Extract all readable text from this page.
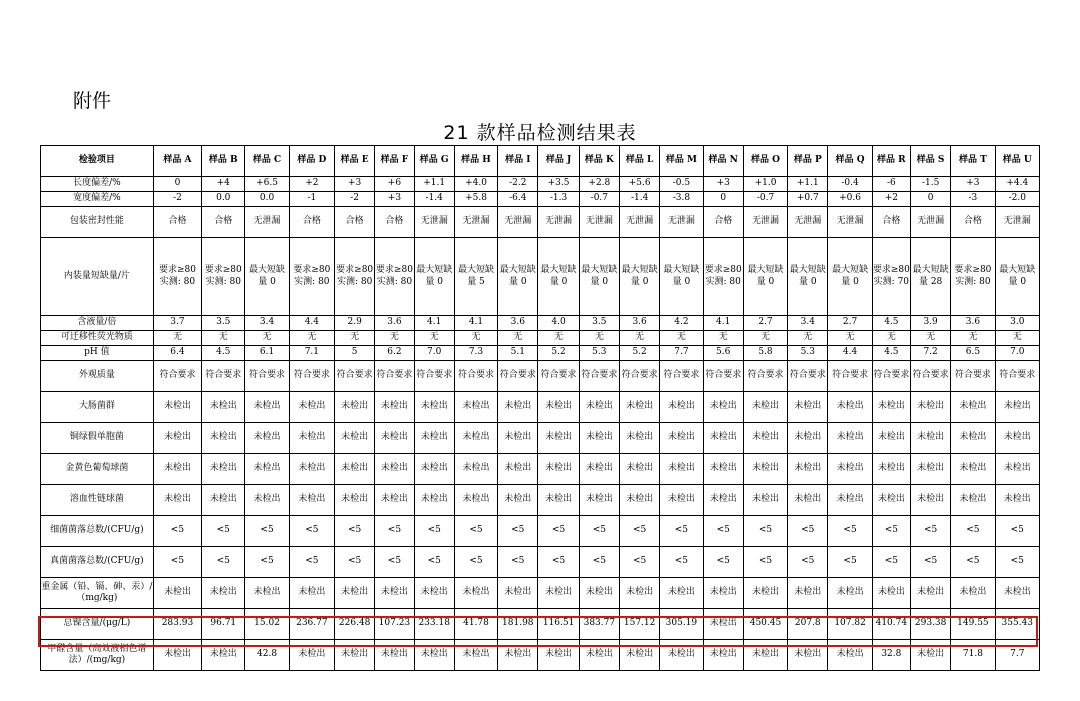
附件
21 款样品检测结果表
检验项目	样品 A	样品 B	样品 C	样品 D	样品 E	样品 F	样品 G	样品 H	样品 I	样品 J	样品 K	样品 L	样品 M	样品 N	样品 O	样品 P	样品 Q	样品 R	样品 S	样品 T	样品 U
长度偏差/%	0	+4	+6.5	+2	+3	+6	+1.1	+4.0	-2.2	+3.5	+2.8	+5.6	-0.5	+3	+1.0	+1.1	-0.4	-6	-1.5	+3	+4.4
宽度偏差/%	-2	0.0	0.0	-1	-2	+3	-1.4	+5.8	-6.4	-1.3	-0.7	-1.4	-3.8	0	-0.7	+0.7	+0.6	+2	0	-3	-2.0
包装密封性能	合格	合格	无泄漏	合格	合格	合格	无泄漏	无泄漏	无泄漏	无泄漏	无泄漏	无泄漏	无泄漏	合格	无泄漏	无泄漏	无泄漏	合格	无泄漏	合格	无泄漏
内装量短缺量/片	要求≥80 实测: 80	要求≥80 实测: 80	最大短缺量 0	要求≥80 实测: 80	要求≥80 实测: 80	要求≥80 实测: 80	最大短缺量 0	最大短缺量 5	最大短缺量 0	最大短缺量 0	最大短缺量 0	最大短缺量 0	最大短缺量 0	要求≥80 实测: 80	最大短缺量 0	最大短缺量 0	最大短缺量 0	要求≥80 实测: 70	最大短缺量 28	要求≥80 实测: 80	最大短缺量 0
含液量/倍	3.7	3.5	3.4	4.4	2.9	3.6	4.1	4.1	3.6	4.0	3.5	3.6	4.2	4.1	2.7	3.4	2.7	4.5	3.9	3.6	3.0
可迁移性荧光物质	无	无	无	无	无	无	无	无	无	无	无	无	无	无	无	无	无	无	无	无	无
pH 值	6.4	4.5	6.1	7.1	5	6.2	7.0	7.3	5.1	5.2	5.3	5.2	7.7	5.6	5.8	5.3	4.4	4.5	7.2	6.5	7.0
外观质量	符合要求	符合要求	符合要求	符合要求	符合要求	符合要求	符合要求	符合要求	符合要求	符合要求	符合要求	符合要求	符合要求	符合要求	符合要求	符合要求	符合要求	符合要求	符合要求	符合要求	符合要求
大肠菌群	未检出	未检出	未检出	未检出	未检出	未检出	未检出	未检出	未检出	未检出	未检出	未检出	未检出	未检出	未检出	未检出	未检出	未检出	未检出	未检出	未检出
铜绿假单胞菌	未检出	未检出	未检出	未检出	未检出	未检出	未检出	未检出	未检出	未检出	未检出	未检出	未检出	未检出	未检出	未检出	未检出	未检出	未检出	未检出	未检出
金黄色葡萄球菌	未检出	未检出	未检出	未检出	未检出	未检出	未检出	未检出	未检出	未检出	未检出	未检出	未检出	未检出	未检出	未检出	未检出	未检出	未检出	未检出	未检出
溶血性链球菌	未检出	未检出	未检出	未检出	未检出	未检出	未检出	未检出	未检出	未检出	未检出	未检出	未检出	未检出	未检出	未检出	未检出	未检出	未检出	未检出	未检出
细菌菌落总数/(CFU/g)	<5	<5	<5	<5	<5	<5	<5	<5	<5	<5	<5	<5	<5	<5	<5	<5	<5	<5	<5	<5	<5
真菌菌落总数/(CFU/g)	<5	<5	<5	<5	<5	<5	<5	<5	<5	<5	<5	<5	<5	<5	<5	<5	<5	<5	<5	<5	<5
重金属（铅、镉、砷、汞）/（mg/kg)	未检出	未检出	未检出	未检出	未检出	未检出	未检出	未检出	未检出	未检出	未检出	未检出	未检出	未检出	未检出	未检出	未检出	未检出	未检出	未检出	未检出
总镍含量/(μg/L)	283.93	96.71	15.02	236.77	226.48	107.23	233.18	41.78	181.98	116.51	383.77	157.12	305.19	未检出	450.45	207.8	107.82	410.74	293.38	149.55	355.43
甲醛含量（高效液相色谱法）/(mg/kg)	未检出	未检出	42.8	未检出	未检出	未检出	未检出	未检出	未检出	未检出	未检出	未检出	未检出	未检出	未检出	未检出	未检出	32.8	未检出	71.8	7.7
